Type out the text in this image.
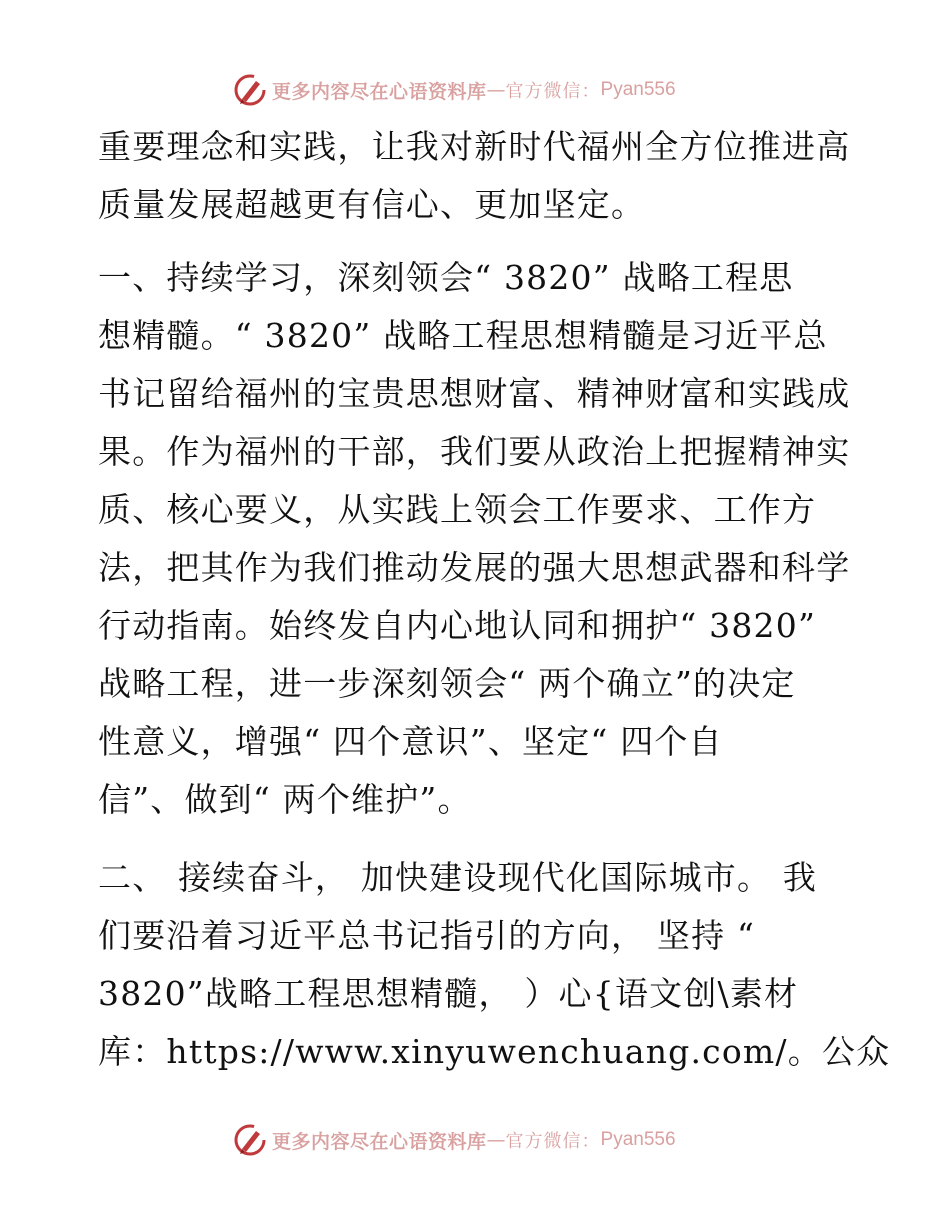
更多内容尽在心语资料库 — 官方微信： Pyan556

重要理念和实践，让我对新时代福州全方位推进高

质量发展超越更有信心、更加坚定。

一、持续学习，深刻领会“ 3820” 战略工程思

想精髓。“ 3820” 战略工程思想精髓是习近平总

书记留给福州的宝贵思想财富、精神财富和实践成

果。作为福州的干部，我们要从政治上把握精神实

质、核心要义，从实践上领会工作要求、工作方

法，把其作为我们推动发展的强大思想武器和科学

行动指南。始终发自内心地认同和拥护“ 3820”

战略工程，进一步深刻领会“ 两个确立”的决定

性意义，增强“ 四个意识”、坚定“ 四个自

信”、做到“ 两个维护”。

二、 接续奋斗， 加快建设现代化国际城市。 我

们要沿着习近平总书记指引的方向， 坚持 “

3820”战略工程思想精髓， ）心{语文创\素材

库：https://www.xinyuwenchuang.com/。公众

更多内容尽在心语资料库 — 官方微信： Pyan556
